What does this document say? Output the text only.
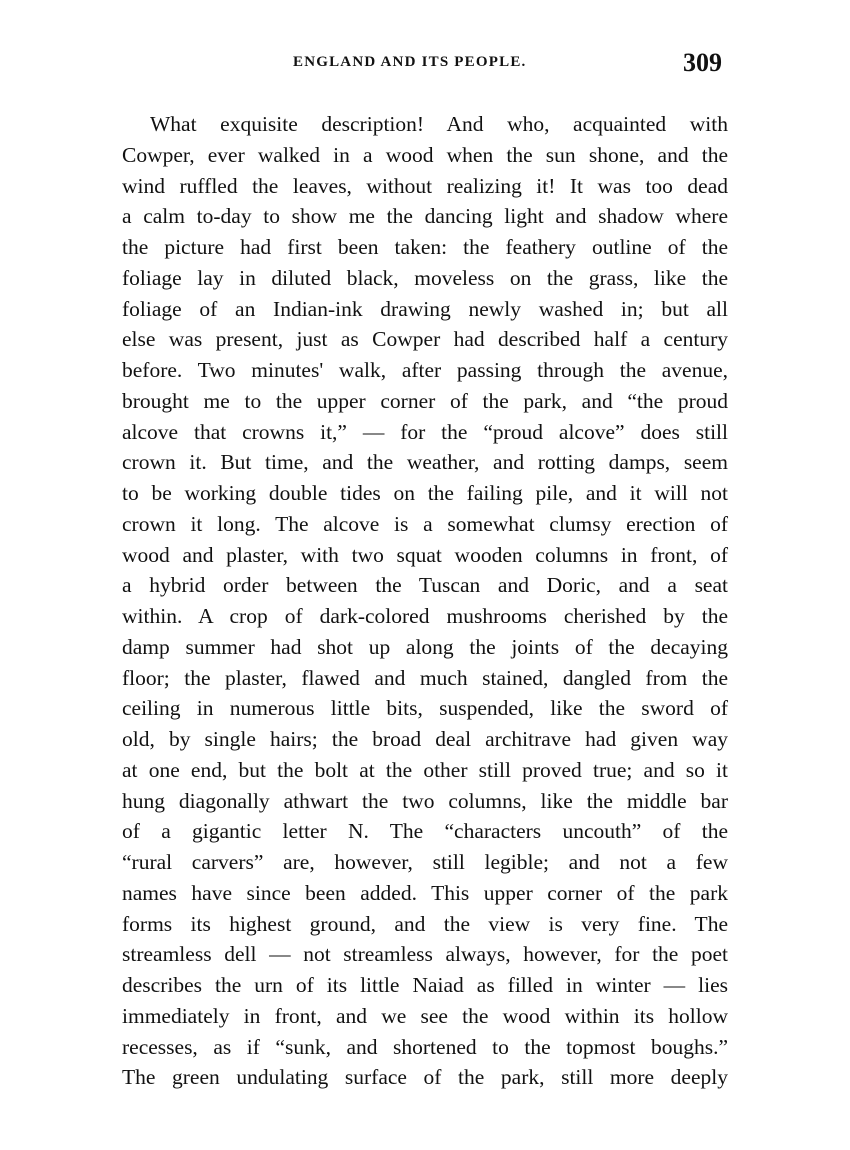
ENGLAND AND ITS PEOPLE.	309
What exquisite description! And who, acquainted with
Cowper, ever walked in a wood when the sun shone, and the
wind ruffled the leaves, without realizing it! It was too dead
a calm to-day to show me the dancing light and shadow where
the picture had first been taken: the feathery outline of the
foliage lay in diluted black, moveless on the grass, like the
foliage of an Indian-ink drawing newly washed in; but all
else was present, just as Cowper had described half a century
before. Two minutes' walk, after passing through the avenue,
brought me to the upper corner of the park, and “the proud
alcove that crowns it,” — for the “proud alcove” does still
crown it. But time, and the weather, and rotting damps, seem
to be working double tides on the failing pile, and it will not
crown it long. The alcove is a somewhat clumsy erection of
wood and plaster, with two squat wooden columns in front, of
a hybrid order between the Tuscan and Doric, and a seat
within. A crop of dark-colored mushrooms cherished by the
damp summer had shot up along the joints of the decaying
floor; the plaster, flawed and much stained, dangled from the
ceiling in numerous little bits, suspended, like the sword of
old, by single hairs; the broad deal architrave had given way
at one end, but the bolt at the other still proved true; and so it
hung diagonally athwart the two columns, like the middle bar
of a gigantic letter N. The “characters uncouth” of the
“rural carvers” are, however, still legible; and not a few
names have since been added. This upper corner of the park
forms its highest ground, and the view is very fine. The
streamless dell — not streamless always, however, for the poet
describes the urn of its little Naiad as filled in winter — lies
immediately in front, and we see the wood within its hollow
recesses, as if “sunk, and shortened to the topmost boughs.”
The green undulating surface of the park, still more deeply
